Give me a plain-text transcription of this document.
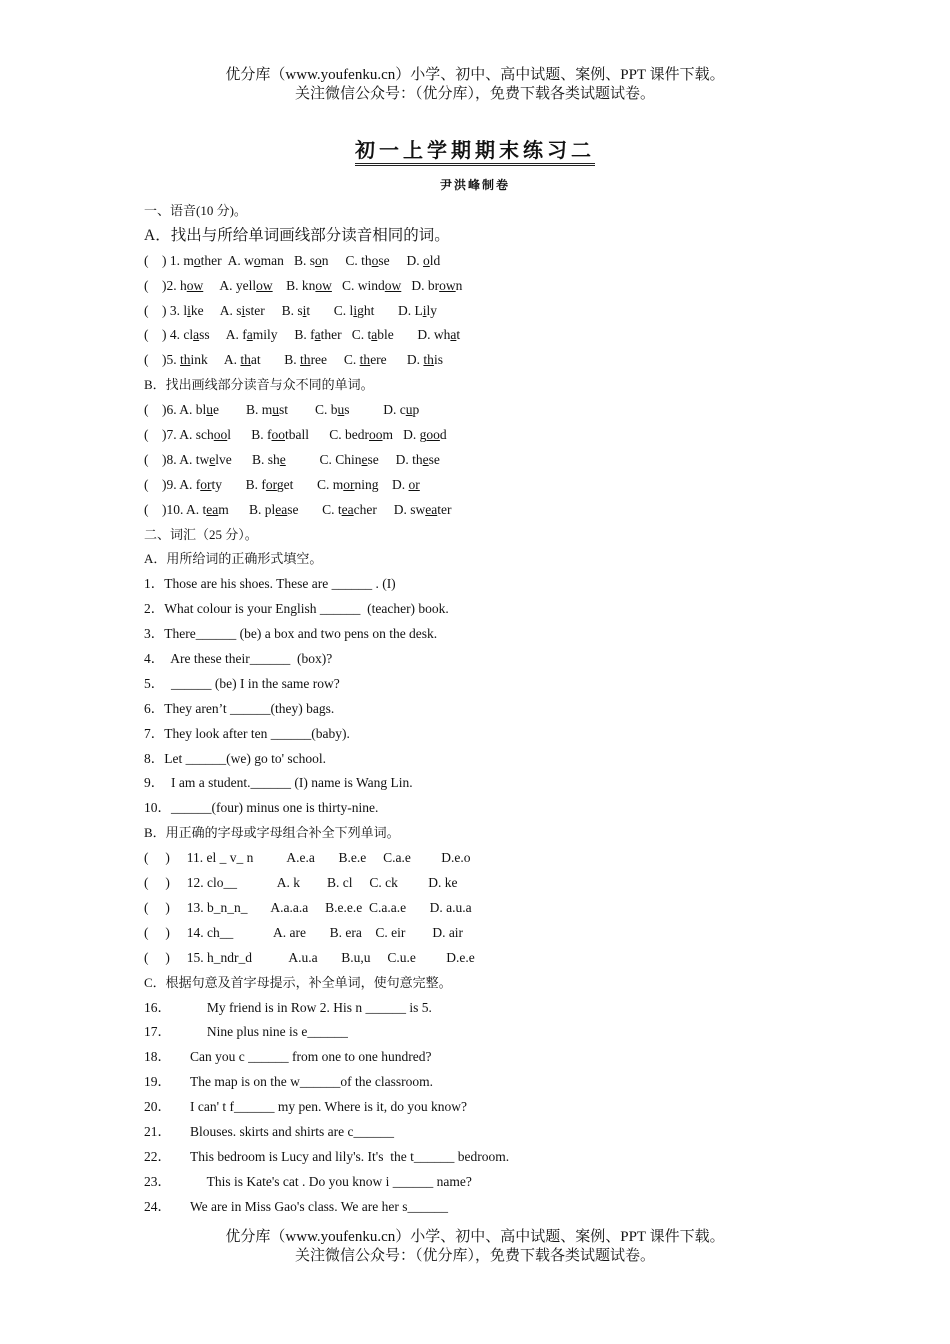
优分库（www.youfenku.cn）小学、初中、高中试题、案例、PPT 课件下载。
关注微信公众号：（优分库），免费下载各类试题试卷。
初一上学期期末练习二
尹洪峰制卷
一、语音(10 分)。
A．找出与所给单词画线部分读音相同的词。
(    ) 1. mother  A. woman   B. son     C. those     D. old
(    )2. how     A. yellow    B. know   C. window   D. brown
(    ) 3. like     A. sister     B. sit       C. light       D. Lily
(    ) 4. class     A. family     B. father   C. table       D. what
(    )5. think     A. that       B. three     C. there      D. this
B．找出画线部分读音与众不同的单词。
(    )6. A. blue        B. must        C. bus          D. cup
(    )7. A. school      B. football      C. bedroom   D. good
(    )8. A. twelve      B. she          C. Chinese     D. these
(    )9. A. forty       B. forget       C. morning    D. or
(    )10. A. team      B. please       C. teacher     D. sweater
二、词汇（25 分）。
A．用所给词的正确形式填空。
1．Those are his shoes. These are ______ . (I)
2．What colour is your English ______  (teacher) book.
3．There______ (be) a box and two pens on the desk.
4．  Are these their______  (box)?
5．  ______ (be) I in the same row?
6．They aren’t ______(they) bags.
7．They look after ten ______(baby).
8．Let ______(we) go to' school.
9．  I am a student.______ (I) name is Wang Lin.
10．______(four) minus one is thirty-nine.
B．用正确的字母或字母组合补全下列单词。
(     )     11. el _ v_ n          A.e.a       B.e.e     C.a.e         D.e.o
(     )     12. clo__            A. k        B. cl     C. ck         D. ke
(     )     13. b_n_n_       A.a.a.a     B.e.e.e  C.a.a.e       D. a.u.a
(     )     14. ch__            A. are       B. era    C. eir        D. air
(     )     15. h_ndr_d           A.u.a       B.u,u     C.u.e         D.e.e
C．根据句意及首字母提示，补全单词，使句意完整。
16．     My friend is in Row 2. His n ______ is 5.
17．     Nine plus nine is e______
18． Can you c ______ from one to one hundred?
19． The map is on the w______of the classroom.
20． I can' t f______ my pen. Where is it, do you know?
21． Blouses. skirts and shirts are c______
22． This bedroom is Lucy and lily's. It's  the t______ bedroom.
23．     This is Kate's cat . Do you know i ______ name?
24． We are in Miss Gao's class. We are her s______
优分库（www.youfenku.cn）小学、初中、高中试题、案例、PPT 课件下载。
关注微信公众号：（优分库），免费下载各类试题试卷。
